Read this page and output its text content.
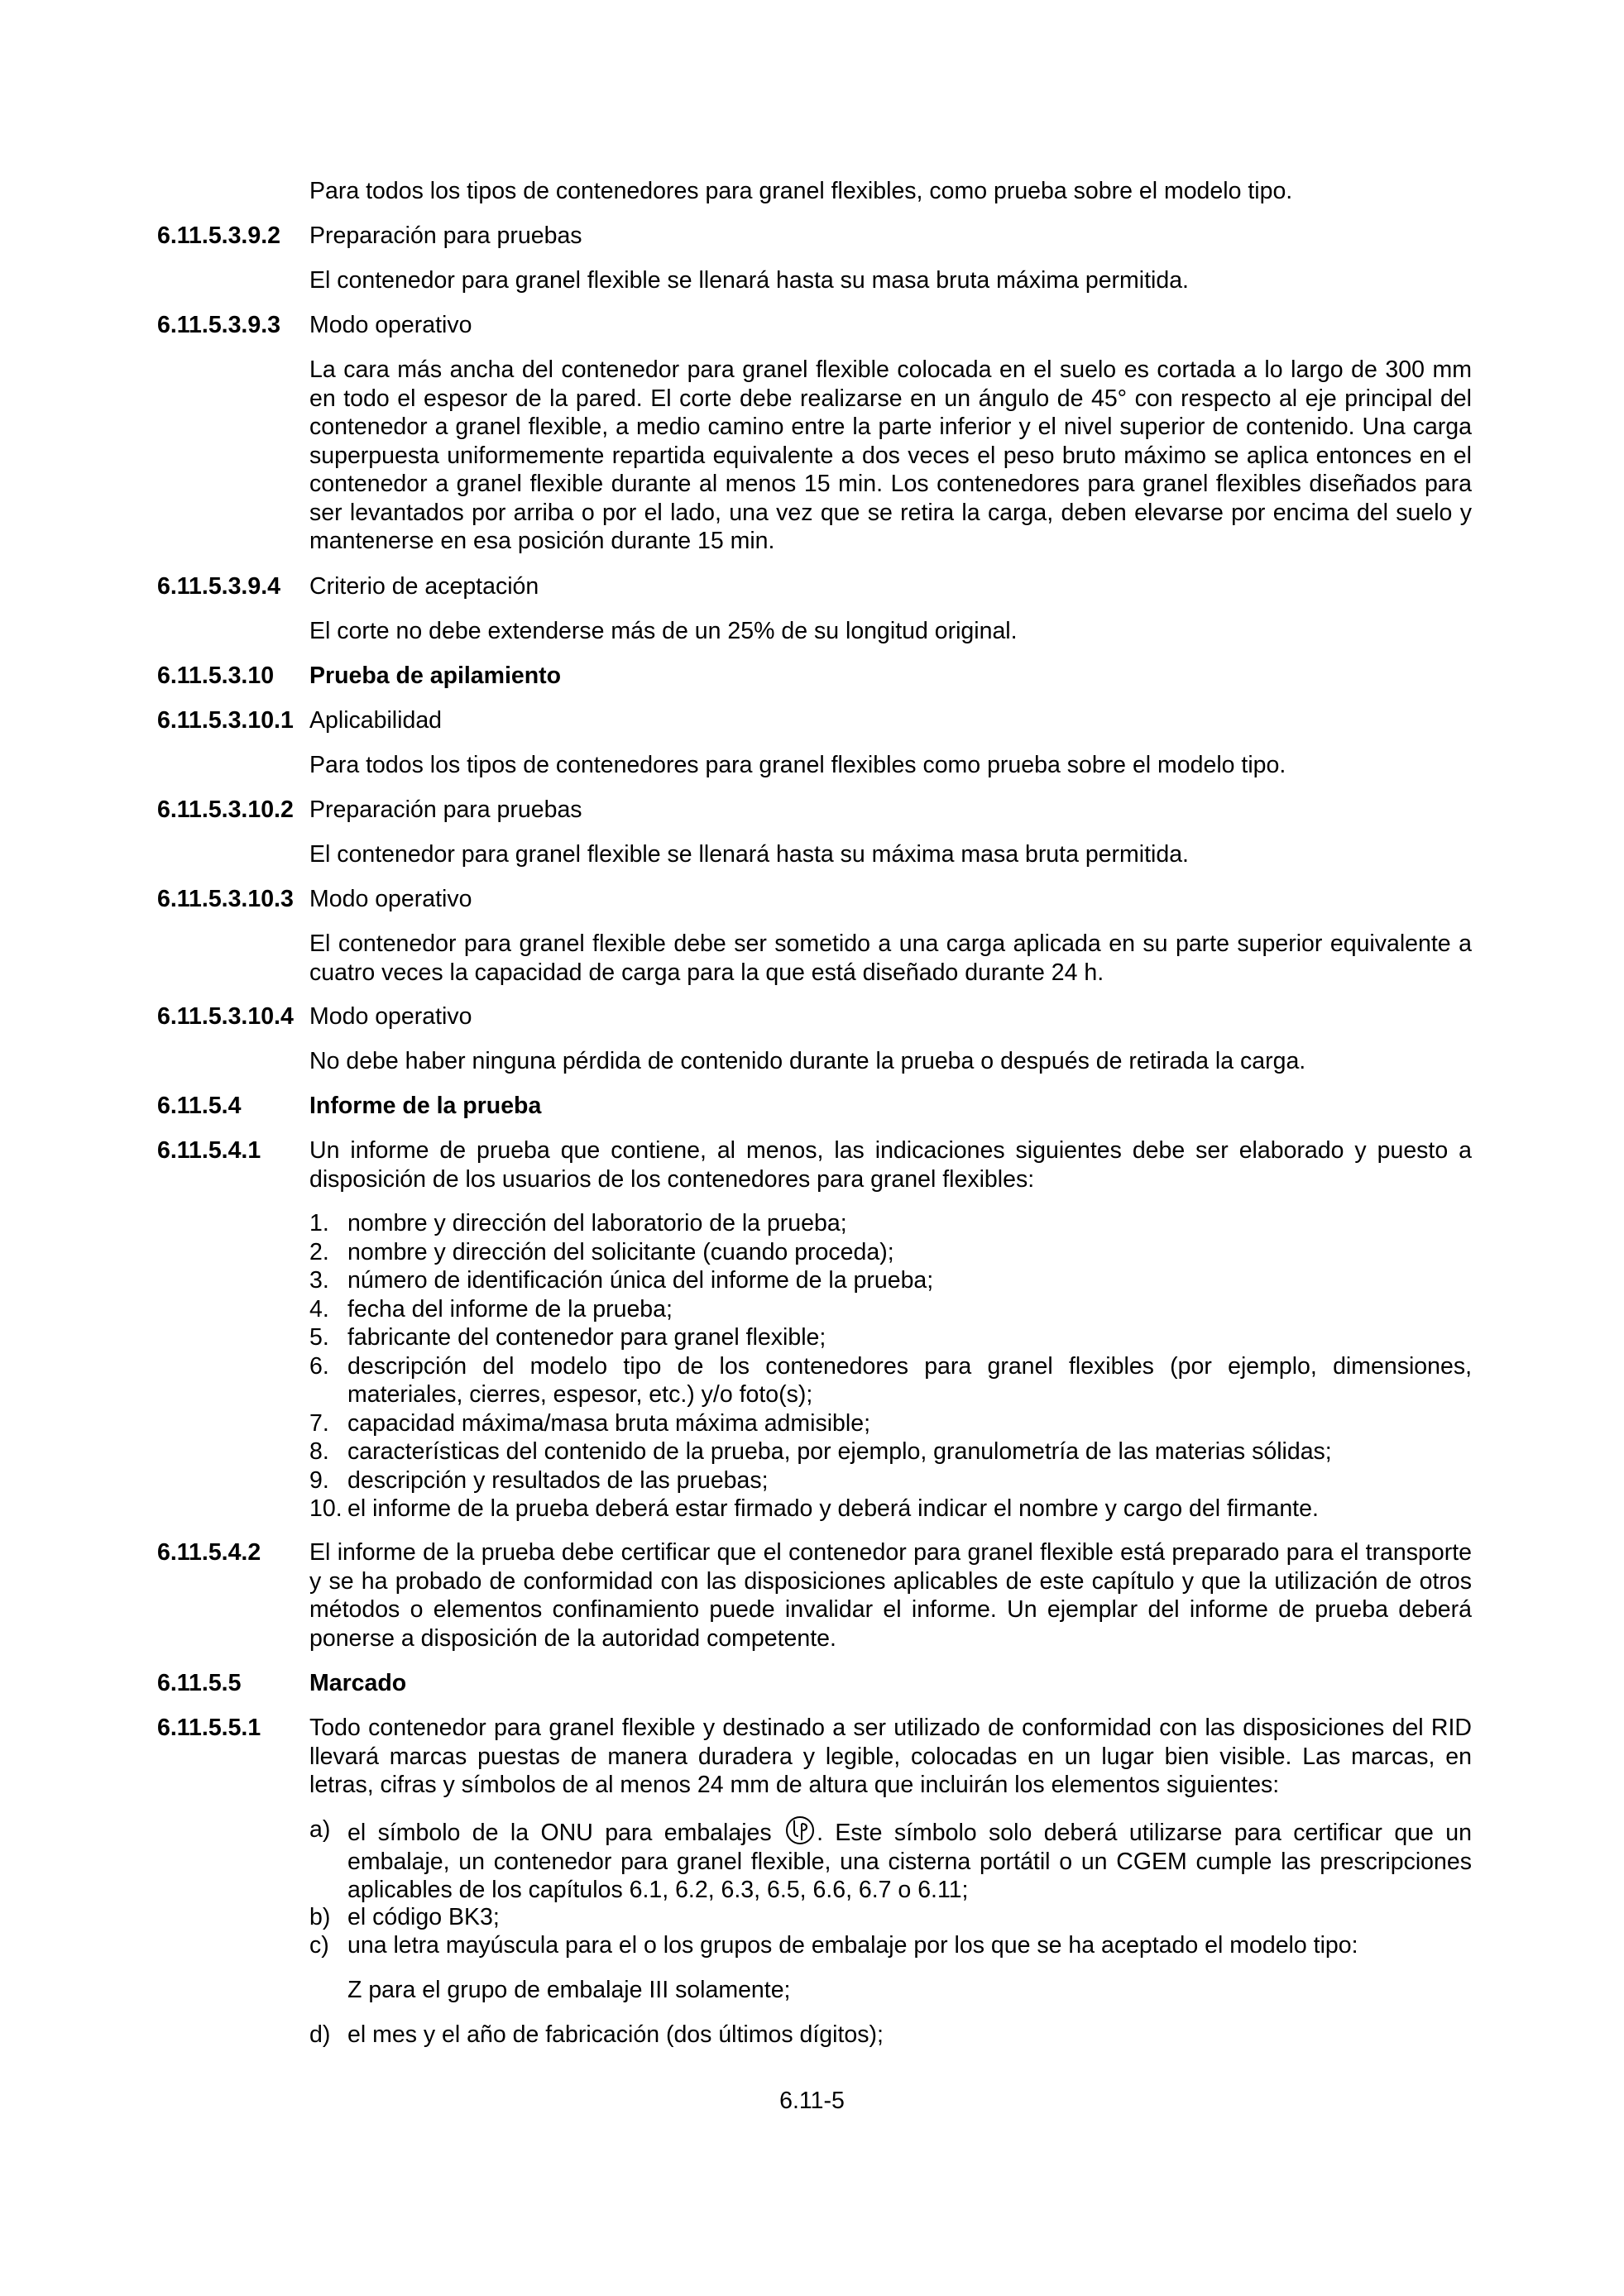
Para todos los tipos de contenedores para granel flexibles, como prueba sobre el modelo tipo.
6.11.5.3.9.2 Preparación para pruebas
El contenedor para granel flexible se llenará hasta su masa bruta máxima permitida.
6.11.5.3.9.3 Modo operativo
La cara más ancha del contenedor para granel flexible colocada en el suelo es cortada a lo largo de 300 mm en todo el espesor de la pared. El corte debe realizarse en un ángulo de 45° con respecto al eje principal del contenedor a granel flexible, a medio camino entre la parte inferior y el nivel superior de contenido. Una carga superpuesta uniformemente repartida equivalente a dos veces el peso bruto máximo se aplica entonces en el contenedor a granel flexible durante al menos 15 min. Los contenedores para granel flexibles diseñados para ser levantados por arriba o por el lado, una vez que se retira la carga, deben elevarse por encima del suelo y mantenerse en esa posición durante 15 min.
6.11.5.3.9.4 Criterio de aceptación
El corte no debe extenderse más de un 25% de su longitud original.
6.11.5.3.10 Prueba de apilamiento
6.11.5.3.10.1 Aplicabilidad
Para todos los tipos de contenedores para granel flexibles como prueba sobre el modelo tipo.
6.11.5.3.10.2 Preparación para pruebas
El contenedor para granel flexible se llenará hasta su máxima masa bruta permitida.
6.11.5.3.10.3 Modo operativo
El contenedor para granel flexible debe ser sometido a una carga aplicada en su parte superior equivalente a cuatro veces la capacidad de carga para la que está diseñado durante 24 h.
6.11.5.3.10.4 Modo operativo
No debe haber ninguna pérdida de contenido durante la prueba o después de retirada la carga.
6.11.5.4	Informe de la prueba
6.11.5.4.1 Un informe de prueba que contiene, al menos, las indicaciones siguientes debe ser elaborado y puesto a disposición de los usuarios de los contenedores para granel flexibles:
1. nombre y dirección del laboratorio de la prueba;
2. nombre y dirección del solicitante (cuando proceda);
3. número de identificación única del informe de la prueba;
4. fecha del informe de la prueba;
5. fabricante del contenedor para granel flexible;
6. descripción del modelo tipo de los contenedores para granel flexibles (por ejemplo, dimensiones, materiales, cierres, espesor, etc.) y/o foto(s);
7. capacidad máxima/masa bruta máxima admisible;
8. características del contenido de la prueba, por ejemplo, granulometría de las materias sólidas;
9. descripción y resultados de las pruebas;
10. el informe de la prueba deberá estar firmado y deberá indicar el nombre y cargo del firmante.
6.11.5.4.2 El informe de la prueba debe certificar que el contenedor para granel flexible está preparado para el transporte y se ha probado de conformidad con las disposiciones aplicables de este capítulo y que la utilización de otros métodos o elementos confinamiento puede invalidar el informe. Un ejemplar del informe de prueba deberá ponerse a disposición de la autoridad competente.
6.11.5.5	Marcado
6.11.5.5.1 Todo contenedor para granel flexible y destinado a ser utilizado de conformidad con las disposiciones del RID llevará marcas puestas de manera duradera y legible, colocadas en un lugar bien visible. Las marcas, en letras, cifras y símbolos de al menos 24 mm de altura que incluirán los elementos siguientes:
a) el símbolo de la ONU para embalajes . Este símbolo solo deberá utilizarse para certificar que un embalaje, un contenedor para granel flexible, una cisterna portátil o un CGEM cumple las prescripciones aplicables de los capítulos 6.1, 6.2, 6.3, 6.5, 6.6, 6.7 o 6.11;
b) el código BK3;
c) una letra mayúscula para el o los grupos de embalaje por los que se ha aceptado el modelo tipo:
Z para el grupo de embalaje III solamente;
d) el mes y el año de fabricación (dos últimos dígitos);
6.11-5
